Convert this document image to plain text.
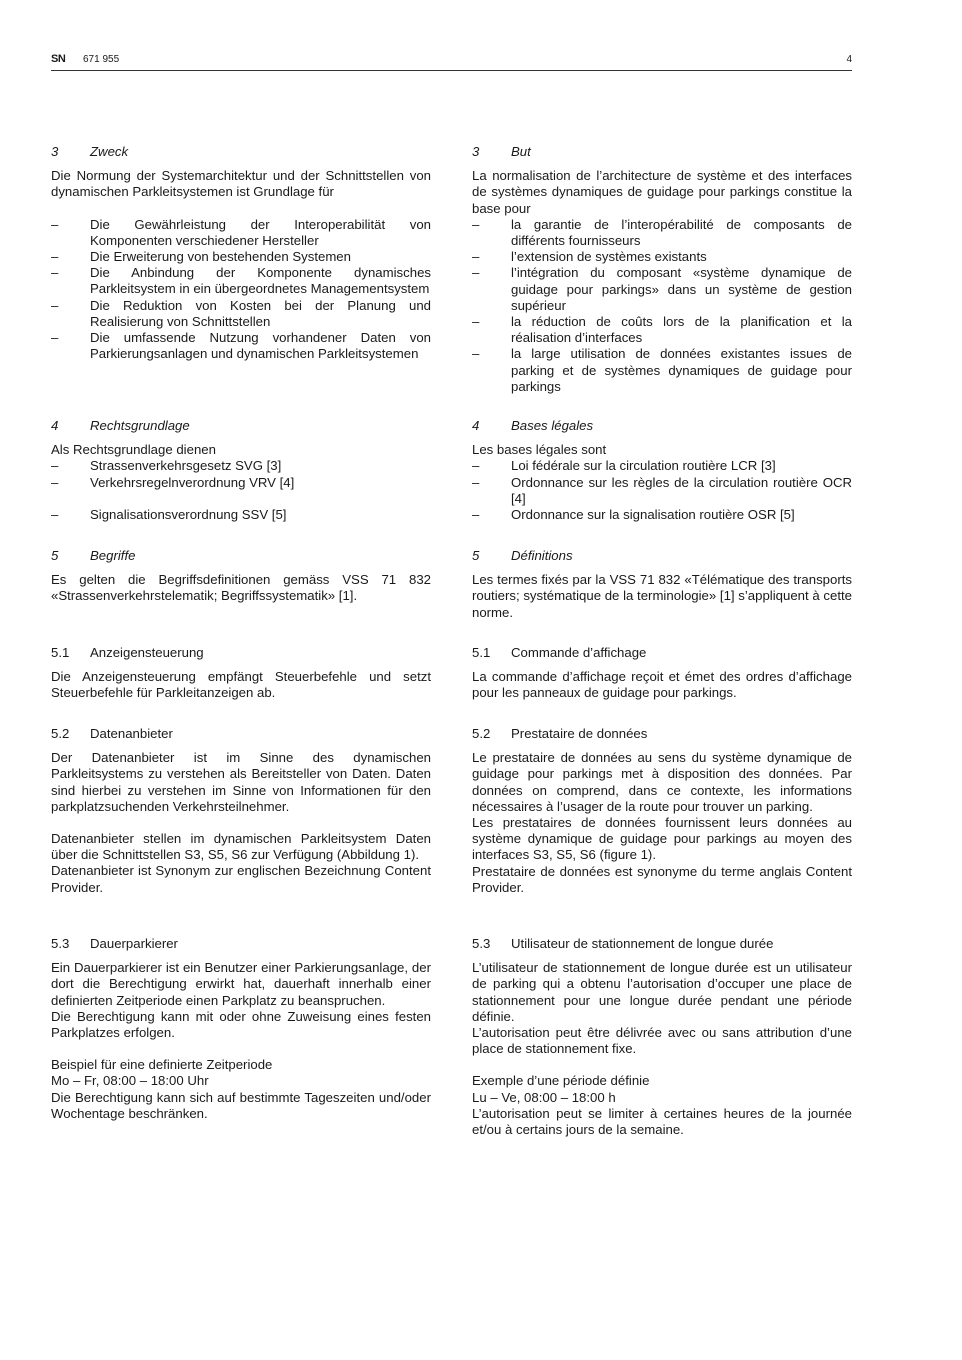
SN 671 955	4
3	Zweck

Die Normung der Systemarchitektur und der Schnittstellen von dynamischen Parkleitsystemen ist Grundlage für

–	Die Gewährleistung der Interoperabilität von Komponenten verschiedener Hersteller
–	Die Erweiterung von bestehenden Systemen
–	Die Anbindung der Komponente dynamisches Parkleitsystem in ein übergeordnetes Managementsystem
–	Die Reduktion von Kosten bei der Planung und Realisierung von Schnittstellen
–	Die umfassende Nutzung vorhandener Daten von Parkierungsanlagen und dynamischen Parkleitsystemen
4	Rechtsgrundlage

Als Rechtsgrundlage dienen

–	Strassenverkehrsgesetz SVG [3]
–	Verkehrsregelnverordnung VRV [4]
–	Signalisationsverordnung SSV [5]
5	Begriffe

Es gelten die Begriffsdefinitionen gemäss VSS 71 832 «Strassenverkehrstelematik; Begriffssystematik» [1].

5.1	Anzeigensteuerung

Die Anzeigensteuerung empfängt Steuerbefehle und setzt Steuerbefehle für Parkleitanzeigen ab.

5.2	Datenanbieter

Der Datenanbieter ist im Sinne des dynamischen Parkleitsystems zu verstehen als Bereitsteller von Daten. Daten sind hierbei zu verstehen im Sinne von Informationen für den parkplatzsuchenden Verkehrsteilnehmer.

Datenanbieter stellen im dynamischen Parkleitsystem Daten über die Schnittstellen S3, S5, S6 zur Verfügung (Abbildung 1).

Datenanbieter ist Synonym zur englischen Bezeichnung Content Provider.

5.3	Dauerparkierer

Ein Dauerparkierer ist ein Benutzer einer Parkierungsanlage, der dort die Berechtigung erwirkt hat, dauerhaft innerhalb einer definierten Zeitperiode einen Parkplatz zu beanspruchen.

Die Berechtigung kann mit oder ohne Zuweisung eines festen Parkplatzes erfolgen.

Beispiel für eine definierte Zeitperiode

Mo – Fr, 08:00 – 18:00 Uhr

Die Berechtigung kann sich auf bestimmte Tageszeiten und/oder Wochentage beschränken.

3	But

La normalisation de l’architecture de système et des interfaces de systèmes dynamiques de guidage pour parkings constitue la base pour

–	la garantie de l’interopérabilité de composants de différents fournisseurs
–	l’extension de systèmes existants
–	l’intégration du composant «système dynamique de guidage pour parkings» dans un système de gestion supérieur
–	la réduction de coûts lors de la planification et la réalisation d’interfaces
–	la large utilisation de données existantes issues de parking et de systèmes dynamiques de guidage pour parkings
4	Bases légales

Les bases légales sont

–	Loi fédérale sur la circulation routière LCR [3]
–	Ordonnance sur les règles de la circulation routière OCR [4]
–	Ordonnance sur la signalisation routière OSR [5]
5	Définitions

Les termes fixés par la VSS 71 832 «Télématique des transports routiers; systématique de la terminologie» [1] s’appliquent à cette norme.

5.1	Commande d’affichage

La commande d’affichage reçoit et émet des ordres d’affichage pour les panneaux de guidage pour parkings.

5.2	Prestataire de données

Le prestataire de données au sens du système dynamique de guidage pour parkings met à disposition des données. Par données on comprend, dans ce contexte, les informations nécessaires à l’usager de la route pour trouver un parking.

Les prestataires de données fournissent leurs données au système dynamique de guidage pour parkings au moyen des interfaces S3, S5, S6 (figure 1).

Prestataire de données est synonyme du terme anglais Content Provider.

5.3	Utilisateur de stationnement de longue durée

L’utilisateur de stationnement de longue durée est un utilisateur de parking qui a obtenu l’autorisation d’occuper une place de stationnement pour une longue durée pendant une période définie.

L’autorisation peut être délivrée avec ou sans attribution d’une place de stationnement fixe.

Exemple d’une période définie

Lu – Ve, 08:00 – 18:00 h

L’autorisation peut se limiter à certaines heures de la journée et/ou à certains jours de la semaine.
